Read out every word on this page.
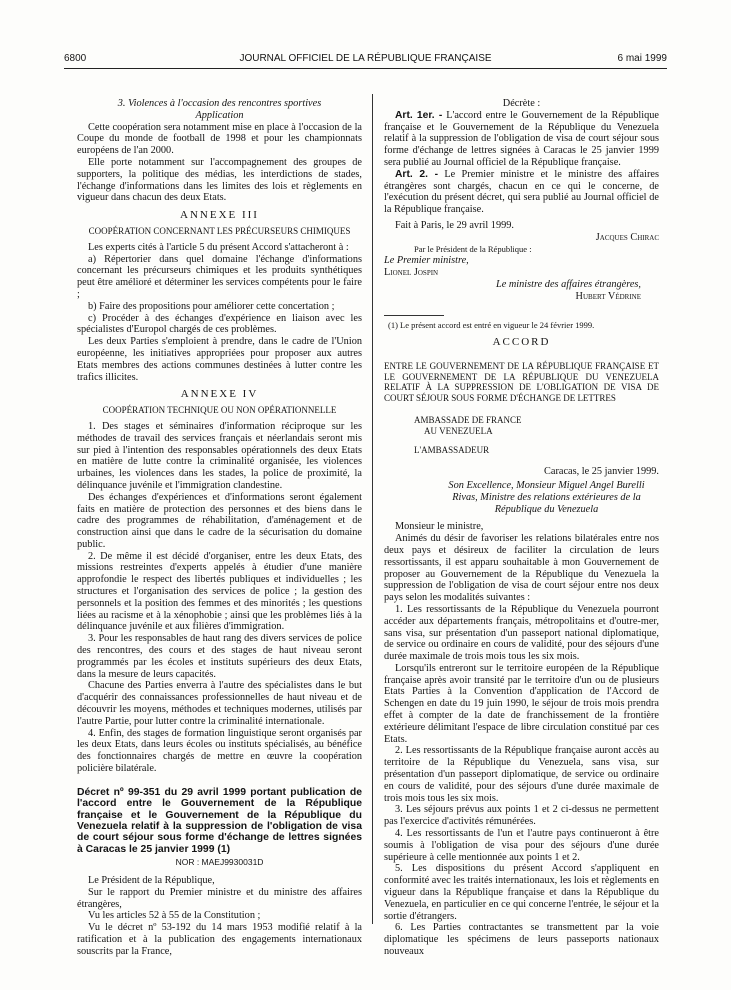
6800	JOURNAL OFFICIEL DE LA RÉPUBLIQUE FRANÇAISE	6 mai 1999

3. Violences à l'occasion des rencontres sportives

Application

Cette coopération sera notamment mise en place à l'occasion de la Coupe du monde de football de 1998 et pour les championnats européens de l'an 2000.

Elle porte notamment sur l'accompagnement des groupes de supporters, la politique des médias, les interdictions de stades, l'échange d'informations dans les limites des lois et règlements en vigueur dans chacun des deux Etats.

ANNEXE III

COOPÉRATION CONCERNANT LES PRÉCURSEURS CHIMIQUES

Les experts cités à l'article 5 du présent Accord s'attacheront à :

a) Répertorier dans quel domaine l'échange d'informations concernant les précurseurs chimiques et les produits synthétiques peut être amélioré et déterminer les services compétents pour le faire ;

b) Faire des propositions pour améliorer cette concertation ;

c) Procéder à des échanges d'expérience en liaison avec les spécialistes d'Europol chargés de ces problèmes.

Les deux Parties s'emploient à prendre, dans le cadre de l'Union européenne, les initiatives appropriées pour proposer aux autres Etats membres des actions communes destinées à lutter contre les trafics illicites.

ANNEXE IV

COOPÉRATION TECHNIQUE OU NON OPÉRATIONNELLE

1. Des stages et séminaires d'information réciproque sur les méthodes de travail des services français et néerlandais seront mis sur pied à l'intention des responsables opérationnels des deux Etats en matière de lutte contre la criminalité organisée, les violences urbaines, les violences dans les stades, la police de proximité, la délinquance juvénile et l'immigration clandestine.

Des échanges d'expériences et d'informations seront également faits en matière de protection des personnes et des biens dans le cadre des programmes de réhabilitation, d'aménagement et de construction ainsi que dans le cadre de la sécurisation du domaine public.

2. De même il est décidé d'organiser, entre les deux Etats, des missions restreintes d'experts appelés à étudier d'une manière approfondie le respect des libertés publiques et individuelles ; les structures et l'organisation des services de police ; la gestion des personnels et la position des femmes et des minorités ; les questions liées au racisme et à la xénophobie ; ainsi que les problèmes liés à la délinquance juvénile et aux filières d'immigration.

3. Pour les responsables de haut rang des divers services de police des rencontres, des cours et des stages de haut niveau seront programmés par les écoles et instituts supérieurs des deux Etats, dans la mesure de leurs capacités.

Chacune des Parties enverra à l'autre des spécialistes dans le but d'acquérir des connaissances professionnelles de haut niveau et de découvrir les moyens, méthodes et techniques modernes, utilisés par l'autre Partie, pour lutter contre la criminalité internationale.

4. Enfin, des stages de formation linguistique seront organisés par les deux Etats, dans leurs écoles ou instituts spécialisés, au bénéfice des fonctionnaires chargés de mettre en œuvre la coopération policière bilatérale.

Décret nº 99-351 du 29 avril 1999 portant publication de l'accord entre le Gouvernement de la République française et le Gouvernement de la République du Venezuela relatif à la suppression de l'obligation de visa de court séjour sous forme d'échange de lettres signées à Caracas le 25 janvier 1999 (1)

NOR : MAEJ9930031D

Le Président de la République,

Sur le rapport du Premier ministre et du ministre des affaires étrangères,

Vu les articles 52 à 55 de la Constitution ;

Vu le décret nº 53-192 du 14 mars 1953 modifié relatif à la ratification et à la publication des engagements internationaux souscrits par la France,

Décrète :

Art. 1er. - L'accord entre le Gouvernement de la République française et le Gouvernement de la République du Venezuela relatif à la suppression de l'obligation de visa de court séjour sous forme d'échange de lettres signées à Caracas le 25 janvier 1999 sera publié au Journal officiel de la République française.

Art. 2. - Le Premier ministre et le ministre des affaires étrangères sont chargés, chacun en ce qui le concerne, de l'exécution du présent décret, qui sera publié au Journal officiel de la République française.

Fait à Paris, le 29 avril 1999.

Jacques Chirac

Par le Président de la République :

Le Premier ministre,

Lionel Jospin

Le ministre des affaires étrangères,

Hubert Védrine

(1) Le présent accord est entré en vigueur le 24 février 1999.

ACCORD

ENTRE LE GOUVERNEMENT DE LA RÉPUBLIQUE FRANÇAISE ET LE GOUVERNEMENT DE LA RÉPUBLIQUE DU VENEZUELA RELATIF À LA SUPPRESSION DE L'OBLIGATION DE VISA DE COURT SÉJOUR SOUS FORME D'ÉCHANGE DE LETTRES

AMBASSADE DE FRANCE

AU VENEZUELA

L'AMBASSADEUR

Caracas, le 25 janvier 1999.

Son Excellence, Monsieur Miguel Angel Burelli Rivas, Ministre des relations extérieures de la République du Venezuela

Monsieur le ministre,

Animés du désir de favoriser les relations bilatérales entre nos deux pays et désireux de faciliter la circulation de leurs ressortissants, il est apparu souhaitable à mon Gouvernement de proposer au Gouvernement de la République du Venezuela la suppression de l'obligation de visa de court séjour entre nos deux pays selon les modalités suivantes :

1. Les ressortissants de la République du Venezuela pourront accéder aux départements français, métropolitains et d'outre-mer, sans visa, sur présentation d'un passeport national diplomatique, de service ou ordinaire en cours de validité, pour des séjours d'une durée maximale de trois mois tous les six mois.

Lorsqu'ils entreront sur le territoire européen de la République française après avoir transité par le territoire d'un ou de plusieurs Etats Parties à la Convention d'application de l'Accord de Schengen en date du 19 juin 1990, le séjour de trois mois prendra effet à compter de la date de franchissement de la frontière extérieure délimitant l'espace de libre circulation constitué par ces Etats.

2. Les ressortissants de la République française auront accès au territoire de la République du Venezuela, sans visa, sur présentation d'un passeport diplomatique, de service ou ordinaire en cours de validité, pour des séjours d'une durée maximale de trois mois tous les six mois.

3. Les séjours prévus aux points 1 et 2 ci-dessus ne permettent pas l'exercice d'activités rémunérées.

4. Les ressortissants de l'un et l'autre pays continueront à être soumis à l'obligation de visa pour des séjours d'une durée supérieure à celle mentionnée aux points 1 et 2.

5. Les dispositions du présent Accord s'appliquent en conformité avec les traités internationaux, les lois et règlements en vigueur dans la République française et dans la République du Venezuela, en particulier en ce qui concerne l'entrée, le séjour et la sortie d'étrangers.

6. Les Parties contractantes se transmettent par la voie diplomatique les spécimens de leurs passeports nationaux nouveaux
